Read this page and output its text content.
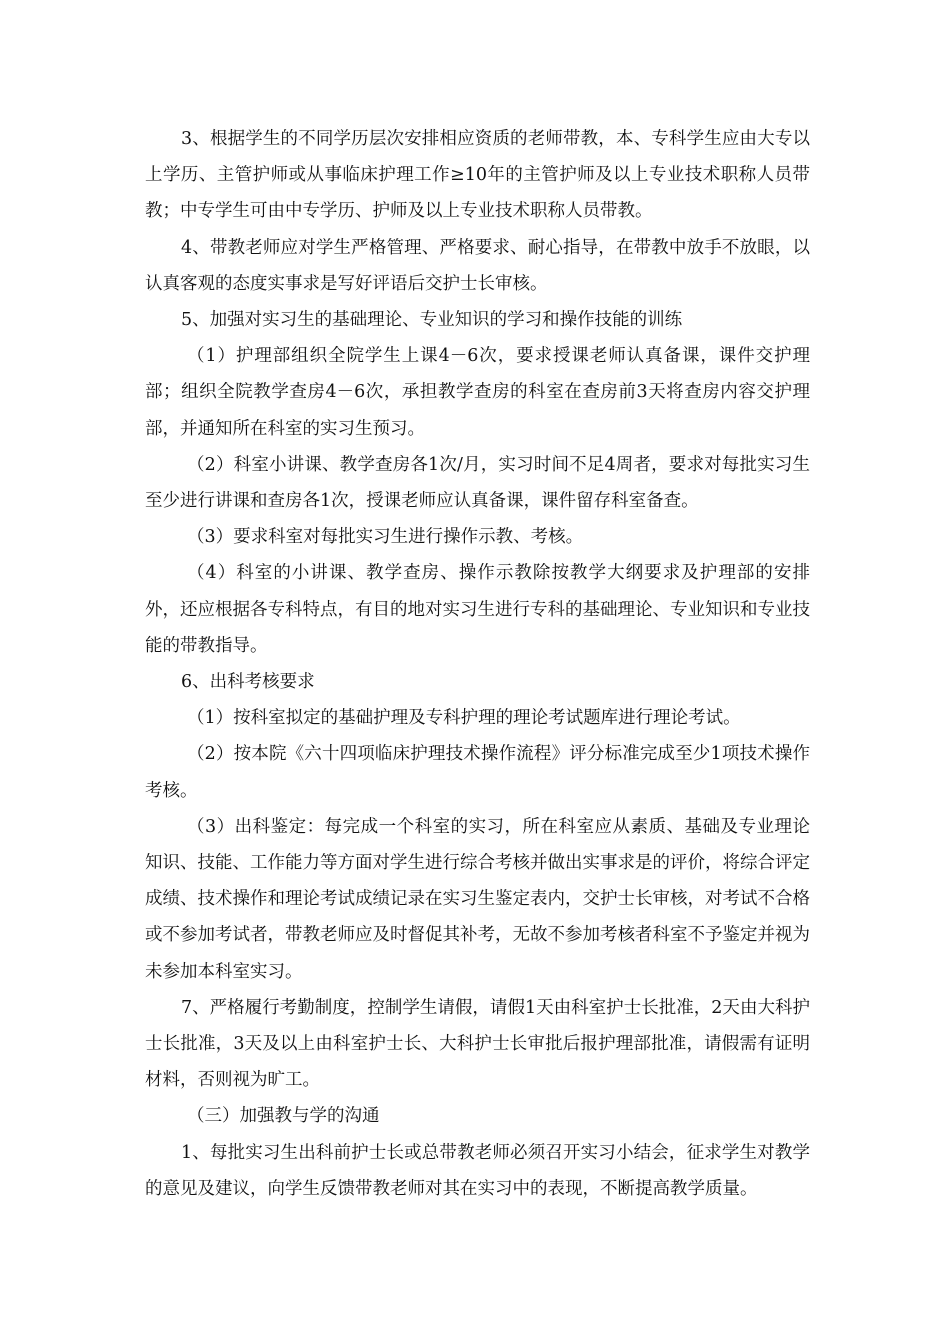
3、根据学生的不同学历层次安排相应资质的老师带教，本、专科学生应由大专以上学历、主管护师或从事临床护理工作≥10年的主管护师及以上专业技术职称人员带教；中专学生可由中专学历、护师及以上专业技术职称人员带教。

4、带教老师应对学生严格管理、严格要求、耐心指导，在带教中放手不放眼，以认真客观的态度实事求是写好评语后交护士长审核。

5、加强对实习生的基础理论、专业知识的学习和操作技能的训练

（1）护理部组织全院学生上课4－6次，要求授课老师认真备课，课件交护理部；组织全院教学查房4－6次，承担教学查房的科室在查房前3天将查房内容交护理部，并通知所在科室的实习生预习。

（2）科室小讲课、教学查房各1次/月，实习时间不足4周者，要求对每批实习生至少进行讲课和查房各1次，授课老师应认真备课，课件留存科室备查。

（3）要求科室对每批实习生进行操作示教、考核。

（4）科室的小讲课、教学查房、操作示教除按教学大纲要求及护理部的安排外，还应根据各专科特点，有目的地对实习生进行专科的基础理论、专业知识和专业技能的带教指导。

6、出科考核要求

（1）按科室拟定的基础护理及专科护理的理论考试题库进行理论考试。

（2）按本院《六十四项临床护理技术操作流程》评分标准完成至少1项技术操作考核。

（3）出科鉴定：每完成一个科室的实习，所在科室应从素质、基础及专业理论知识、技能、工作能力等方面对学生进行综合考核并做出实事求是的评价，将综合评定成绩、技术操作和理论考试成绩记录在实习生鉴定表内，交护士长审核，对考试不合格或不参加考试者，带教老师应及时督促其补考，无故不参加考核者科室不予鉴定并视为未参加本科室实习。

7、严格履行考勤制度，控制学生请假，请假1天由科室护士长批准，2天由大科护士长批准，3天及以上由科室护士长、大科护士长审批后报护理部批准，请假需有证明材料，否则视为旷工。

（三）加强教与学的沟通

1、每批实习生出科前护士长或总带教老师必须召开实习小结会，征求学生对教学的意见及建议，向学生反馈带教老师对其在实习中的表现，不断提高教学质量。
